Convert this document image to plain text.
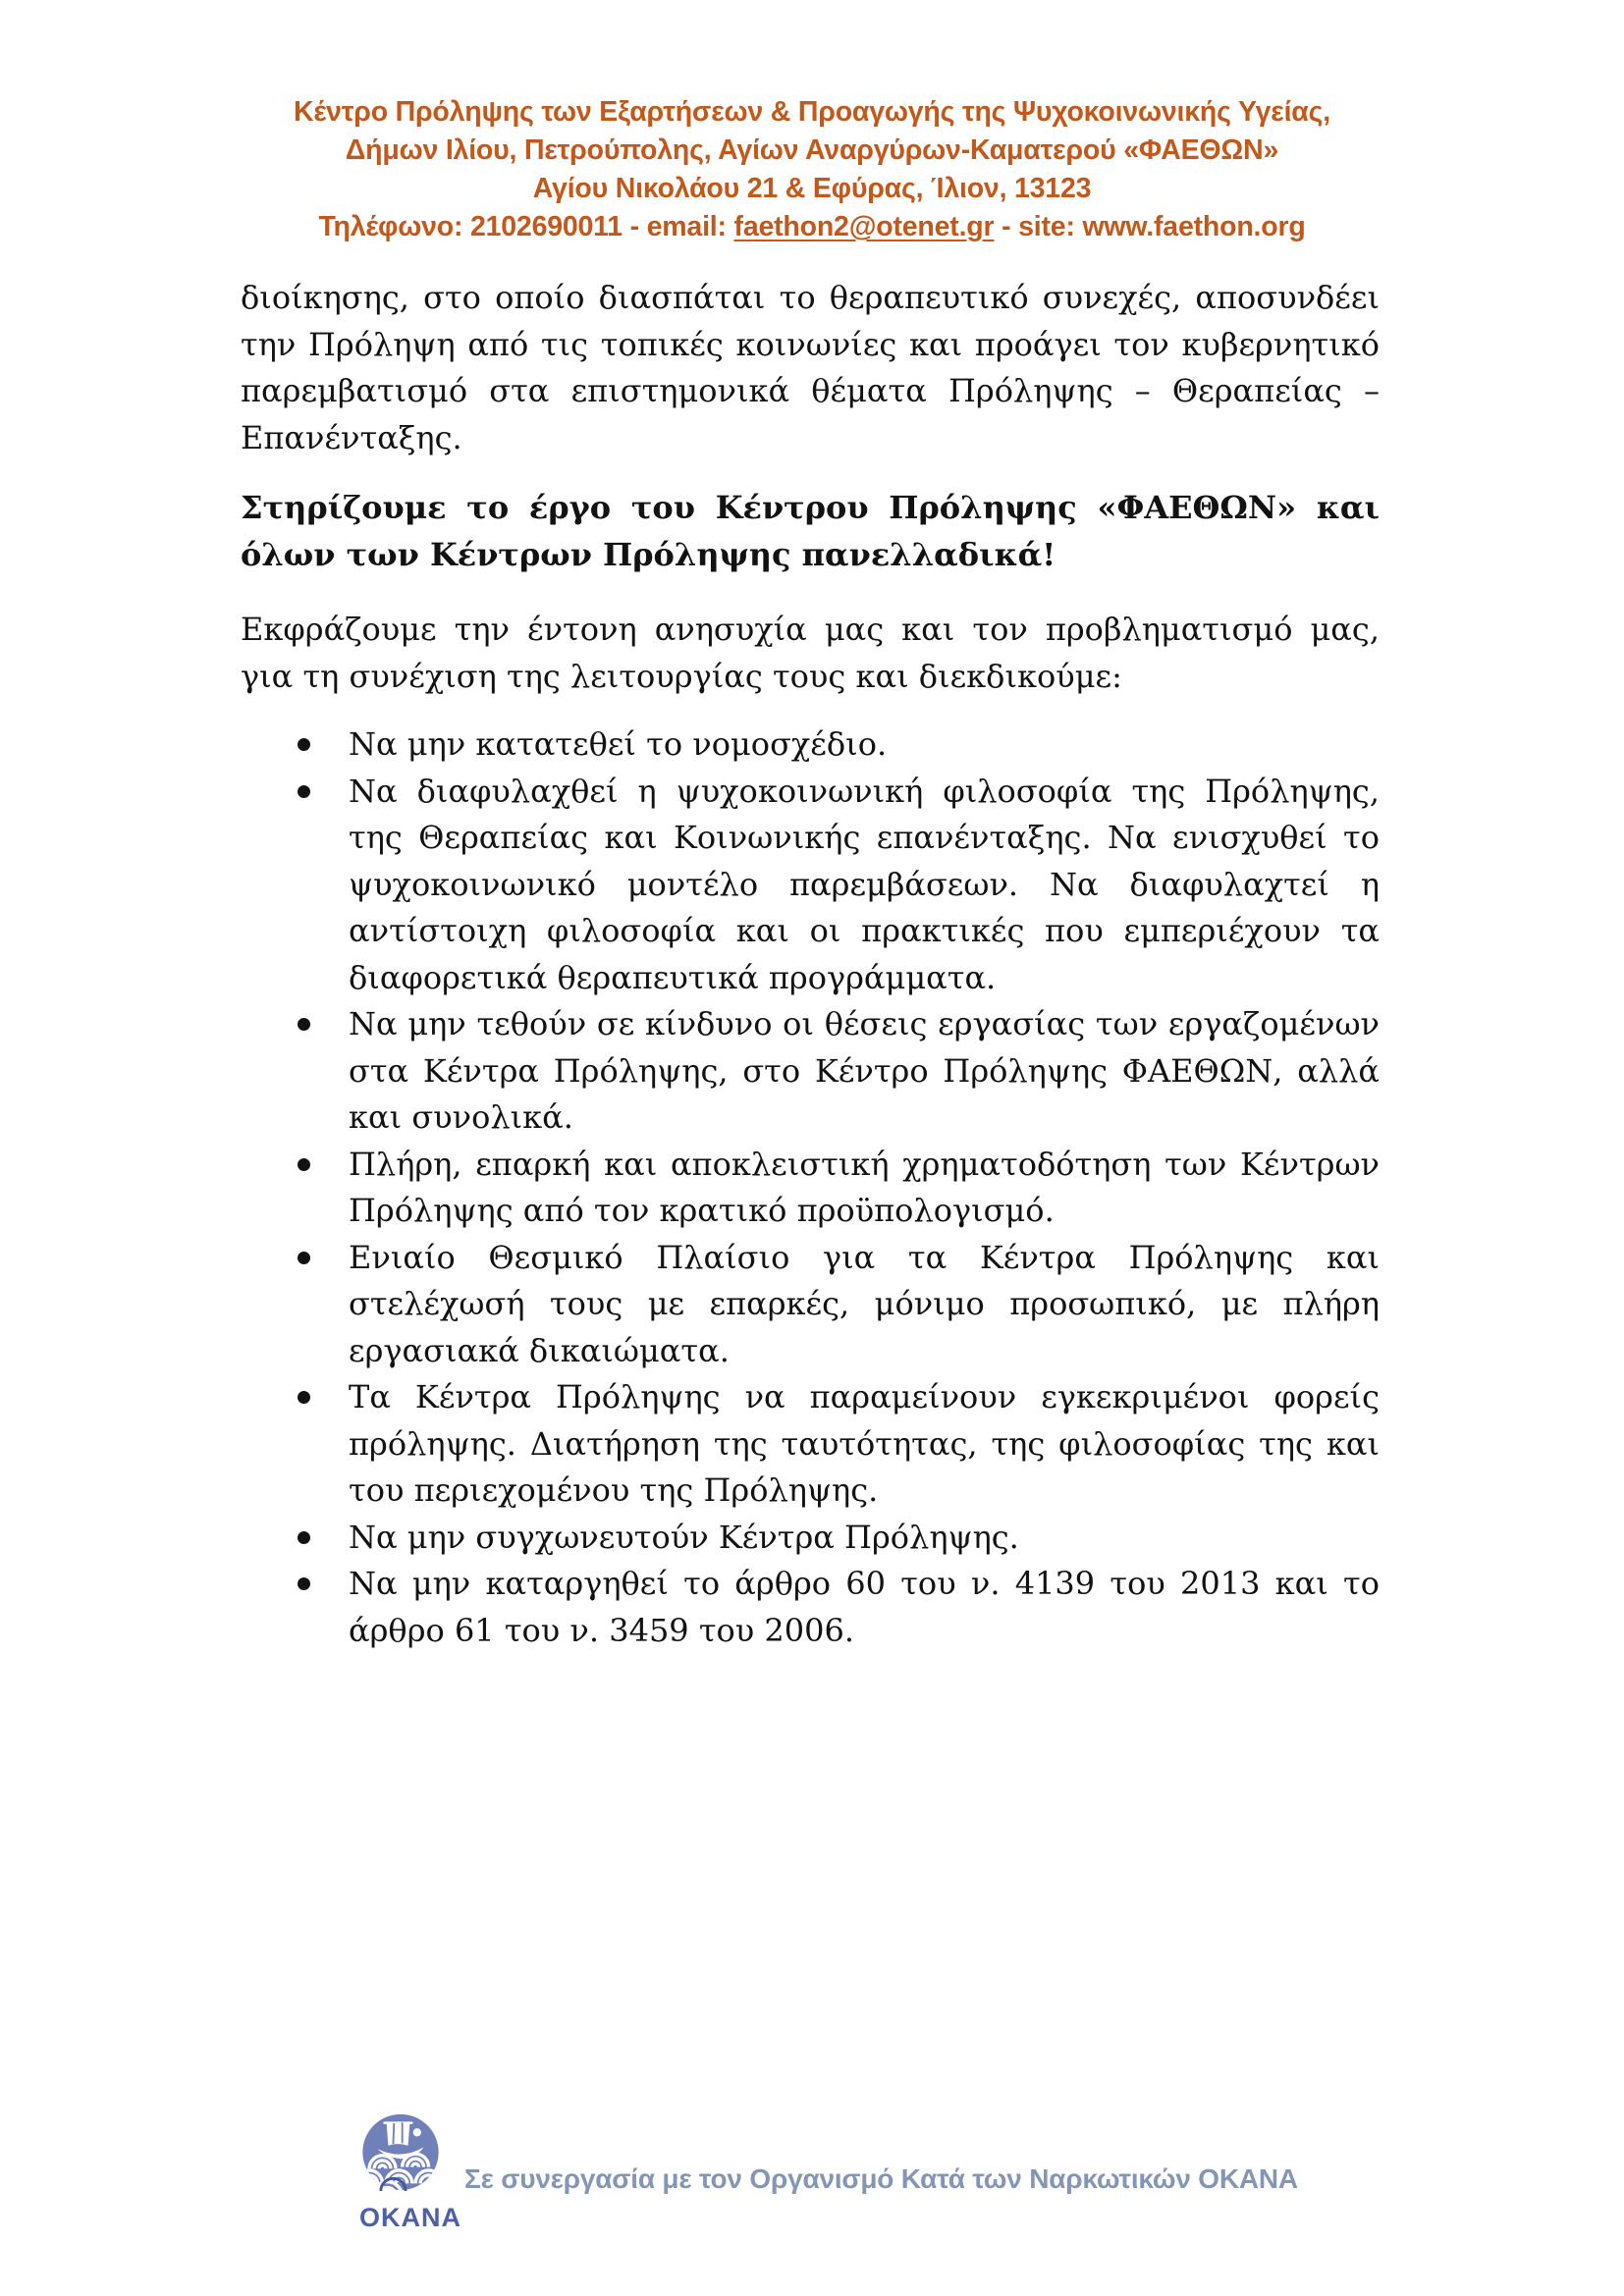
Κέντρο Πρόληψης των Εξαρτήσεων & Προαγωγής της Ψυχοκοινωνικής Υγείας,
Δήμων Ιλίου, Πετρούπολης, Αγίων Αναργύρων-Καματερού «ΦΑΕΘΩΝ»
Αγίου Νικολάου 21 & Εφύρας, Ίλιον, 13123
Τηλέφωνο: 2102690011 - email: faethon2@otenet.gr - site: www.faethon.org

διοίκησης, στο οποίο διασπάται το θεραπευτικό συνεχές, αποσυνδέει την Πρόληψη από τις τοπικές κοινωνίες και προάγει τον κυβερνητικό παρεμβατισμό στα επιστημονικά θέματα Πρόληψης – Θεραπείας – Επανένταξης.

Στηρίζουμε το έργο του Κέντρου Πρόληψης «ΦΑΕΘΩΝ» και όλων των Κέντρων Πρόληψης πανελλαδικά!

Εκφράζουμε την έντονη ανησυχία μας και τον προβληματισμό μας, για τη συνέχιση της λειτουργίας τους και διεκδικούμε:

Να μην κατατεθεί το νομοσχέδιο.
Να διαφυλαχθεί η ψυχοκοινωνική φιλοσοφία της Πρόληψης, της Θεραπείας και Κοινωνικής επανένταξης. Να ενισχυθεί το ψυχοκοινωνικό μοντέλο παρεμβάσεων. Να διαφυλαχτεί η αντίστοιχη φιλοσοφία και οι πρακτικές που εμπεριέχουν τα διαφορετικά θεραπευτικά προγράμματα.
Να μην τεθούν σε κίνδυνο οι θέσεις εργασίας των εργαζομένων στα Κέντρα Πρόληψης, στο Κέντρο Πρόληψης ΦΑΕΘΩΝ, αλλά και συνολικά.
Πλήρη, επαρκή και αποκλειστική χρηματοδότηση των Κέντρων Πρόληψης από τον κρατικό προϋπολογισμό.
Ενιαίο Θεσμικό Πλαίσιο για τα Κέντρα Πρόληψης και στελέχωσή τους με επαρκές, μόνιμο προσωπικό, με πλήρη εργασιακά δικαιώματα.
Τα Κέντρα Πρόληψης να παραμείνουν εγκεκριμένοι φορείς πρόληψης. Διατήρηση της ταυτότητας, της φιλοσοφίας της και του περιεχομένου της Πρόληψης.
Να μην συγχωνευτούν Κέντρα Πρόληψης.
Να μην καταργηθεί το άρθρο 60 του ν. 4139 του 2013 και το άρθρο 61 του ν. 3459 του 2006.
ΟΚΑΝΑ
Σε συνεργασία με τον Οργανισμό Κατά των Ναρκωτικών ΟΚΑΝΑ
